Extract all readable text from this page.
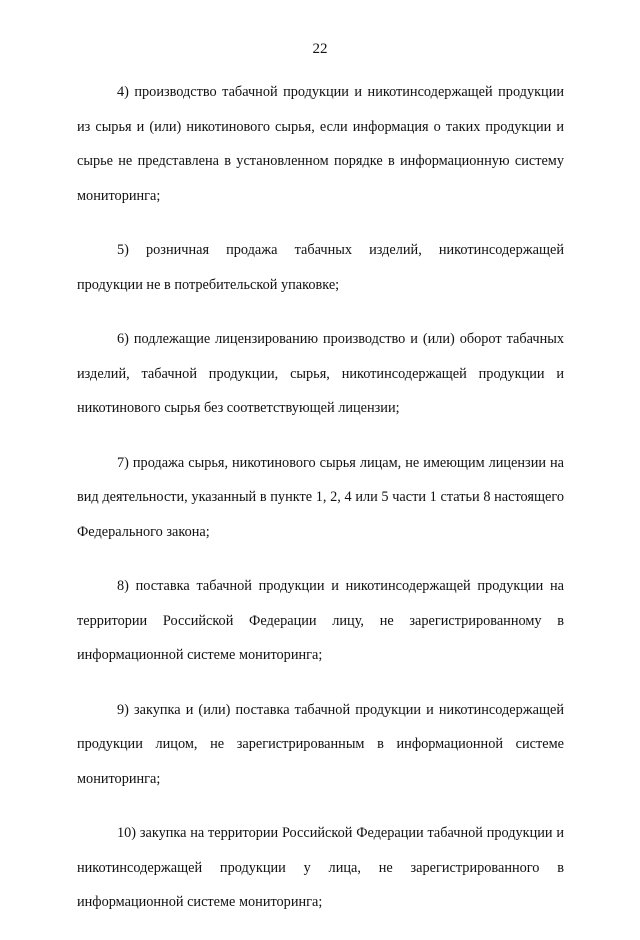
22

4) производство табачной продукции и никотинсодержащей продукции из сырья и (или) никотинового сырья, если информация о таких продукции и сырье не представлена в установленном порядке в информационную систему мониторинга;

5) розничная продажа табачных изделий, никотинсодержащей продукции не в потребительской упаковке;

6) подлежащие лицензированию производство и (или) оборот табачных изделий, табачной продукции, сырья, никотинсодержащей продукции и никотинового сырья без соответствующей лицензии;

7) продажа сырья, никотинового сырья лицам, не имеющим лицензии на вид деятельности, указанный в пункте 1, 2, 4 или 5 части 1 статьи 8 настоящего Федерального закона;

8) поставка табачной продукции и никотинсодержащей продукции на территории Российской Федерации лицу, не зарегистрированному в информационной системе мониторинга;

9) закупка и (или) поставка табачной продукции и никотинсодержащей продукции лицом, не зарегистрированным в информационной системе мониторинга;

10) закупка на территории Российской Федерации табачной продукции и никотинсодержащей продукции у лица, не зарегистрированного в информационной системе мониторинга;
